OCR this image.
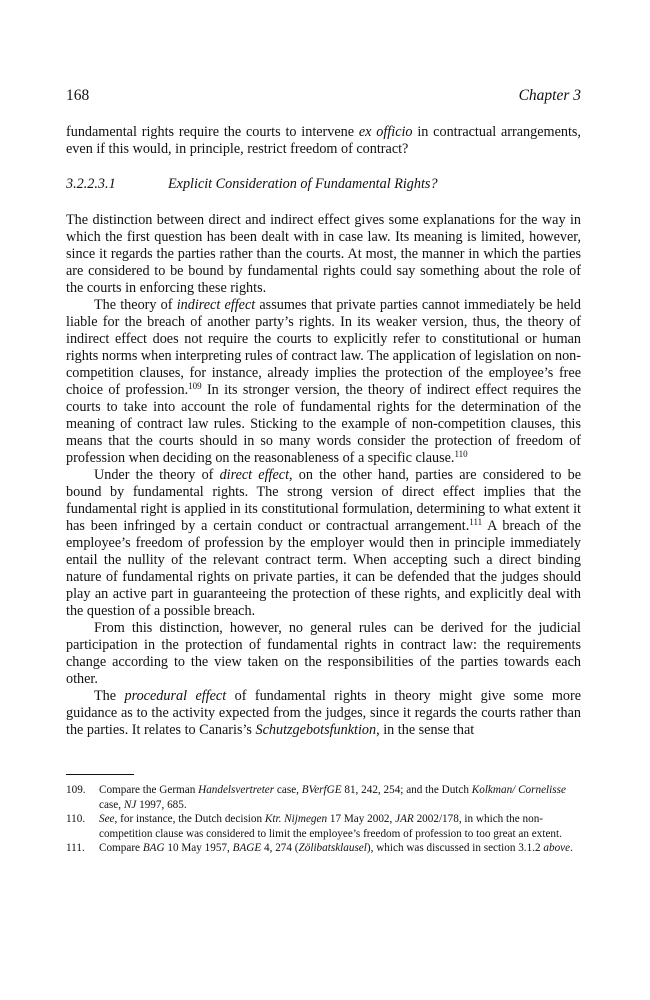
168	Chapter 3

fundamental rights require the courts to intervene ex officio in contractual arrangements, even if this would, in principle, restrict freedom of contract?

3.2.2.3.1	Explicit Consideration of Fundamental Rights?

The distinction between direct and indirect effect gives some explanations for the way in which the first question has been dealt with in case law. Its meaning is limited, however, since it regards the parties rather than the courts. At most, the manner in which the parties are considered to be bound by fundamental rights could say something about the role of the courts in enforcing these rights.

The theory of indirect effect assumes that private parties cannot immediately be held liable for the breach of another party’s rights. In its weaker version, thus, the theory of indirect effect does not require the courts to explicitly refer to constitutional or human rights norms when interpreting rules of contract law. The application of legislation on non-competition clauses, for instance, already implies the protection of the employee’s free choice of profession.$^{109}$ In its stronger version, the theory of indirect effect requires the courts to take into account the role of fundamental rights for the determination of the meaning of contract law rules. Sticking to the example of non-competition clauses, this means that the courts should in so many words consider the protection of freedom of profession when deciding on the reasonableness of a specific clause.$^{110}$

Under the theory of direct effect, on the other hand, parties are considered to be bound by fundamental rights. The strong version of direct effect implies that the fundamental right is applied in its constitutional formulation, determining to what extent it has been infringed by a certain conduct or contractual arrangement.$^{111}$ A breach of the employee’s freedom of profession by the employer would then in principle immediately entail the nullity of the relevant contract term. When accepting such a direct binding nature of fundamental rights on private parties, it can be defended that the judges should play an active part in guaranteeing the protection of these rights, and explicitly deal with the question of a possible breach.

From this distinction, however, no general rules can be derived for the judicial participation in the protection of fundamental rights in contract law: the requirements change according to the view taken on the responsibilities of the parties towards each other.

The procedural effect of fundamental rights in theory might give some more guidance as to the activity expected from the judges, since it regards the courts rather than the parties. It relates to Canaris’s Schutzgebotsfunktion, in the sense that

109.	Compare the German Handelsvertreter case, BVerfGE 81, 242, 254; and the Dutch Kolkman/ Cornelisse case, NJ 1997, 685.
110.	See, for instance, the Dutch decision Ktr. Nijmegen 17 May 2002, JAR 2002/178, in which the non-competition clause was considered to limit the employee’s freedom of profession to too great an extent.
111.	Compare BAG 10 May 1957, BAGE 4, 274 (Zölibatsklausel), which was discussed in section 3.1.2 above.
